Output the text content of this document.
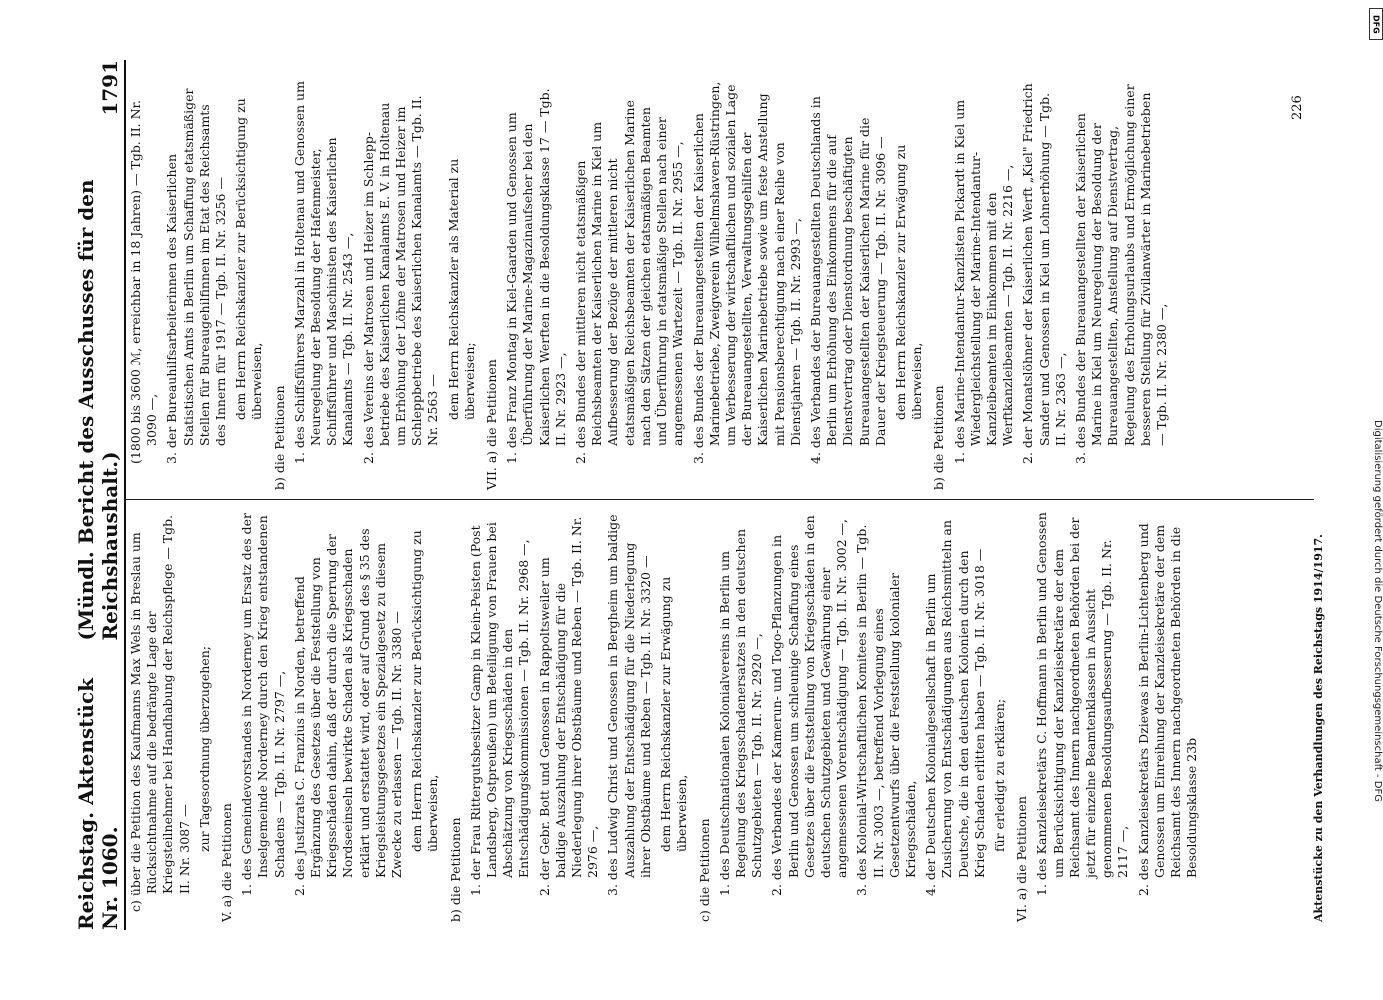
Reichstag. Aktenstück Nr. 1060.
(Mündl. Bericht des Ausschusses für den Reichshaushalt.)
1791
c) über die Petition des Kaufmanns Max Wels in Breslau um Rücksichtnahme auf die bedrängte Lage der Kriegsteilnehmer bei Handhabung der Reichspflege — Tgb. II. Nr. 3087 — zur Tagesordnung überzugehen;
V. a) die Petitionen 1. des Gemeindevorstandes in Norderney um Ersatz des der Inselgemeinde Norderney durch den Krieg entstandenen Schadens — Tgb. II. Nr. 2797 —, 2. des Justizrats C. Franzius in Norden, betreffend Ergänzung des Gesetzes über die Feststellung von Kriegsschäden dahin, daß der durch die Sperrung der Nordseeinseln bewirkte Schaden als Kriegsschaden erklärt und erstattet wird, oder auf Grund des § 35 des Kriegsleistungsgesetzes ein Spezialgesetz zu diesem Zwecke zu erlassen — Tgb. II. Nr. 3380 — dem Herrn Reichskanzler zur Berücksichtigung zu überweisen,
b) die Petitionen 1. der Frau Rittergutsbesitzer Gamp in Klein-Peisten (Post Landsberg, Ostpreußen) um Beteiligung von Frauen bei Abschätzung von Kriegsschäden in den Entschädigungskommissionen — Tgb. II. Nr. 2968 —, 2. der Gebr. Bott und Genossen in Rappoltsweiler um baldige Auszahlung der Entschädigung für die Niederlegung ihrer Obstbäume und Reben — Tgb. II. Nr. 2976 —, 3. des Ludwig Christ und Genossen in Bergheim um baldige Auszahlung der Entschädigung für die Niederlegung ihrer Obstbäume und Reben — Tgb. II. Nr. 3320 — dem Herrn Reichskanzler zur Erwägung zu überweisen,
c) die Petitionen 1. des Deutschnationalen Kolonialvereins in Berlin um Regelung des Kriegsschadenersatzes in den deutschen Schutzgebieten — Tgb. II. Nr. 2920 —, 2. des Verbandes der Kamerun- und Togo-Pflanzungen in Berlin und Genossen um schleunige Schaffung eines Gesetzes über die Feststellung von Kriegsschäden in den deutschen Schutzgebieten und Gewährung einer angemessenen Vorentschädigung — Tgb. II. Nr. 3002 —, 3. des Kolonial-Wirtschaftlichen Komitees in Berlin — Tgb. II. Nr. 3003 —, betreffend Vorlegung eines Gesetzentwurfs über die Feststellung kolonialer Kriegsschäden, 4. der Deutschen Kolonialgesellschaft in Berlin um Zusicherung von Entschädigungen aus Reichsmitteln an Deutsche, die in den deutschen Kolonien durch den Krieg Schaden erlitten haben — Tgb. II. Nr. 3018 — für erledigt zu erklären;
VI. a) die Petitionen 1. des Kanzleisekretärs C. Hoffmann in Berlin und Genossen um Berücksichtigung der Kanzleisekretäre der dem Reichsamt des Innern nachgeordneten Behörden bei der jetzt für einzelne Beamtenklassen in Aussicht genommenen Besoldungsaufbesserung — Tgb. II. Nr. 2117 —, 2. des Kanzleisekretärs Dziewas in Berlin-Lichtenberg und Genossen um Einreihung der Kanzleisekretäre der dem Reichsamt des Innern nachgeordneten Behörden in die Besoldungsklasse 23b
(1800 bis 3600 ℳ, erreichbar in 18 Jahren) — Tgb. II. Nr. 3090 —, 3. der Bureauhilfsarbeiterinnen des Kaiserlichen Statistischen Amts in Berlin um Schaffung etatsmäßiger Stellen für Bureaugehilfinnen im Etat des Reichsamts des Innern für 1917 — Tgb. II. Nr. 3256 — dem Herrn Reichskanzler zur Berücksichtigung zu überweisen,
b) die Petitionen 1. des Schiffsführers Marzahl in Holtenau und Genossen um Neuregelung der Besoldung der Hafenmeister, Schiffsführer und Maschinisten des Kaiserlichen Kanalamts — Tgb. II. Nr. 2543 —, 2. des Vereins der Matrosen und Heizer im Schlepp-betriebe des Kaiserlichen Kanalamts E. V. in Holtenau um Erhöhung der Löhne der Matrosen und Heizer im Schleppbetriebe des Kaiserlichen Kanalamts — Tgb. II. Nr. 2563 — dem Herrn Reichskanzler als Material zu überweisen; VII. a) die Petitionen 1. des Franz Montag in Kiel-Gaarden und Genossen um Überführung der Marine-Magazinaufseher bei den Kaiserlichen Werften in die Besoldungsklasse 17 — Tgb. II. Nr. 2923 —, 2. des Bundes der mittleren nicht etatsmäßigen Reichsbeamten der Kaiserlichen Marine in Kiel um Aufbesserung der Bezüge der mittleren nicht etatsmäßigen Reichsbeamten der Kaiserlichen Marine nach den Sätzen der gleichen etatsmäßigen Beamten und Überführung in etatsmäßige Stellen nach einer angemessenen Wartezeit — Tgb. II. Nr. 2955 —, 3. des Bundes der Bureauangestellten der Kaiserlichen Marinebetriebe, Zweigverein Wilhelmshaven-Rüstringen, um Verbesserung der wirtschaftlichen und sozialen Lage der Bureauangestellten, Verwaltungsgehilfen der Kaiserlichen Marinebetriebe sowie um feste Anstellung mit Pensionsberechtigung nach einer Reihe von Dienstjahren — Tgb. II. Nr. 2993 —, 4. des Verbandes der Bureauangestellten Deutschlands in Berlin um Erhöhung des Einkommens für die auf Dienstvertrag oder Dienstordnung beschäftigten Bureauangestellten der Kaiserlichen Marine für die Dauer der Kriegsteuerung — Tgb. II. Nr. 3096 — dem Herrn Reichskanzler zur Erwägung zu überweisen,
b) die Petitionen 1. des Marine-Intendantur-Kanzlisten Pickardt in Kiel um Wiedergleichstellung der Marine-Intendantur-Kanzleibeamten im Einkommen mit den Werftkanzleibeamten — Tgb. II. Nr. 2216 —, 2. der Monatslöhner der Kaiserlichen Werft „Kiel" Friedrich Sander und Genossen in Kiel um Lohnerhöhung — Tgb. II. Nr. 2363 —, 3. des Bundes der Bureauangestellten der Kaiserlichen Marine in Kiel um Neuregelung der Besoldung der Bureauangestellten, Anstellung auf Dienstvertrag, Regelung des Erholungsurlaubs und Ermöglichung einer besseren Stellung für Zivilanwärter in Marinebetrieben — Tgb. II. Nr. 2380 —,
226
Aktenstücke zu den Verhandlungen des Reichstags 1914/1917.
DFG
Digitalisierung gefördert durch die Deutsche Forschungsgemeinschaft - DFG
